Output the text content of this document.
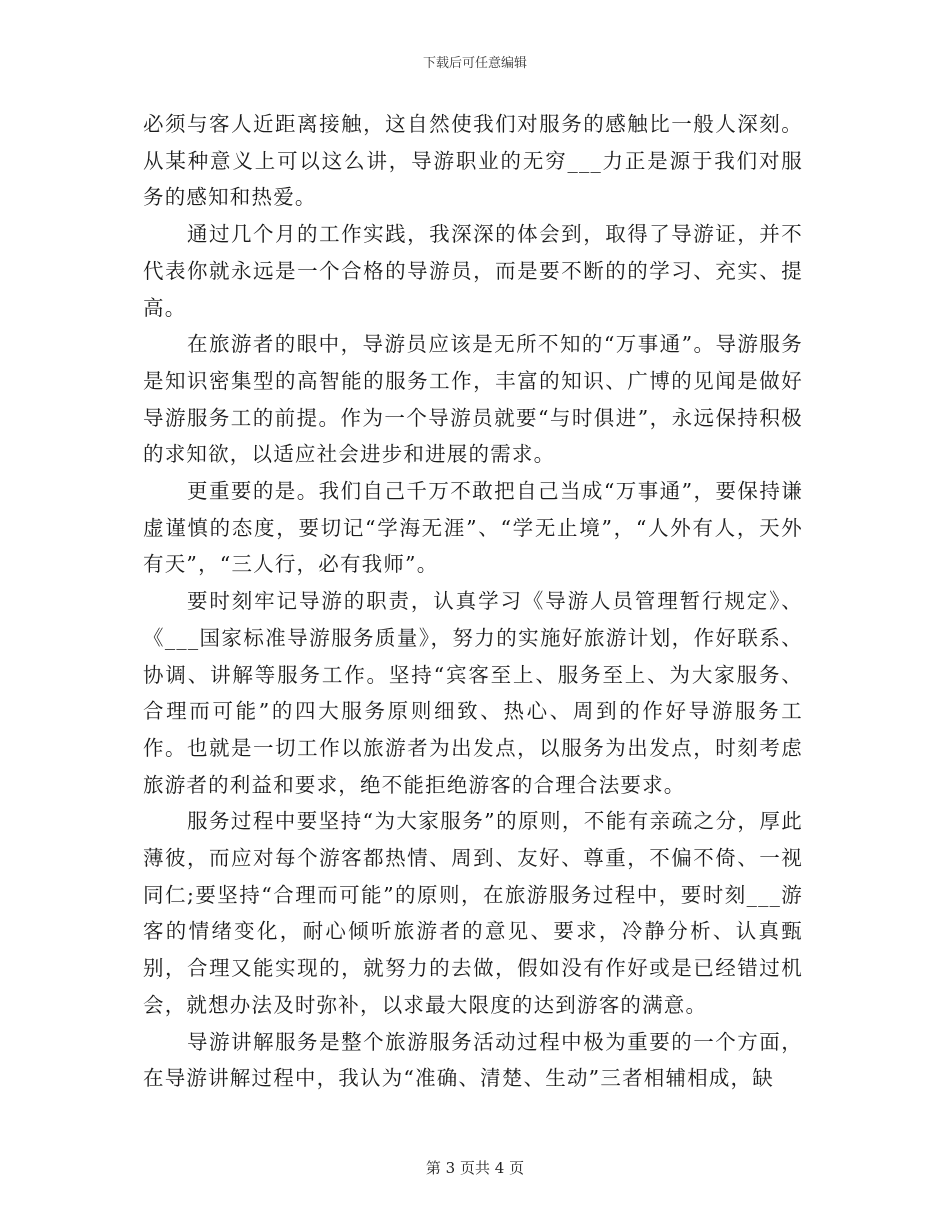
下载后可任意编辑

必须与客人近距离接触，这自然使我们对服务的感触比一般人深刻。从某种意义上可以这么讲，导游职业的无穷___力正是源于我们对服务的感知和热爱。

通过几个月的工作实践，我深深的体会到，取得了导游证，并不代表你就永远是一个合格的导游员，而是要不断的的学习、充实、提高。

在旅游者的眼中，导游员应该是无所不知的“万事通”。导游服务是知识密集型的高智能的服务工作，丰富的知识、广博的见闻是做好导游服务工的前提。作为一个导游员就要“与时俱进”，永远保持积极的求知欲，以适应社会进步和进展的需求。

更重要的是。我们自己千万不敢把自己当成“万事通”，要保持谦虚谨慎的态度，要切记“学海无涯”、“学无止境”，“人外有人，天外有天”，“三人行，必有我师”。

要时刻牢记导游的职责，认真学习《导游人员管理暂行规定》、《___国家标准导游服务质量》，努力的实施好旅游计划，作好联系、协调、讲解等服务工作。坚持“宾客至上、服务至上、为大家服务、合理而可能”的四大服务原则细致、热心、周到的作好导游服务工作。也就是一切工作以旅游者为出发点，以服务为出发点，时刻考虑旅游者的利益和要求，绝不能拒绝游客的合理合法要求。

服务过程中要坚持“为大家服务”的原则，不能有亲疏之分，厚此薄彼，而应对每个游客都热情、周到、友好、尊重，不偏不倚、一视同仁;要坚持“合理而可能”的原则，在旅游服务过程中，要时刻___游客的情绪变化，耐心倾听旅游者的意见、要求，冷静分析、认真甄别，合理又能实现的，就努力的去做，假如没有作好或是已经错过机会，就想办法及时弥补，以求最大限度的达到游客的满意。

导游讲解服务是整个旅游服务活动过程中极为重要的一个方面，在导游讲解过程中，我认为“准确、清楚、生动”三者相辅相成，缺

第 3 页共 4 页
